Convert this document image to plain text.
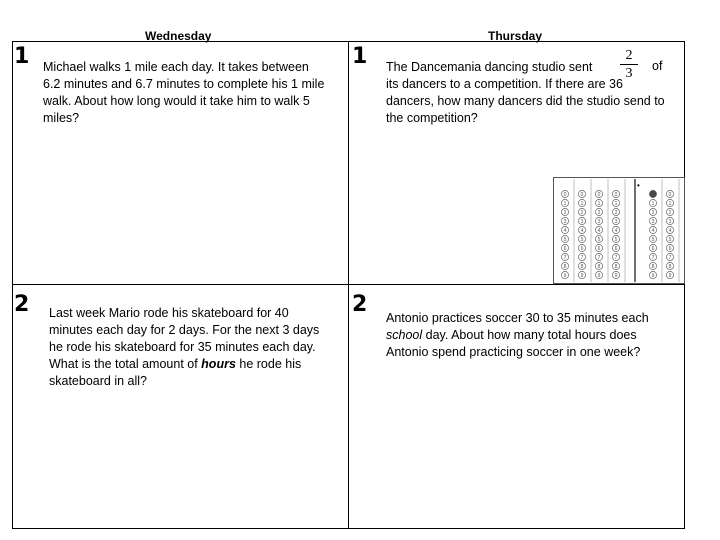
Wednesday	Thursday
1 Michael walks 1 mile each day. It takes between 6.2 minutes and 6.7 minutes to complete his 1 mile walk. About how long would it take him to walk 5 miles?
1 The Dancemania dancing studio sent
2
3	of
its dancers to a competition. If there are 36 dancers, how many dancers did the studio send to the competition?
0
1
2
3
4
5
6
7
8
9
0
1
2
3
4
5
6
7
8
9
0
1
2
3
4
5
6
7
8
9
0
1
2
3
4
5
6
7
8
9
0
1
2
3
4
5
6
7
8
9
0
1
2
3
4
5
6
7
8
9
•
2 Last week Mario rode his skateboard for 40 minutes each day for 2 days. For the next 3 days he rode his skateboard for 35 minutes each day. What is the total amount of hours he rode his skateboard in all?
2
Antonio practices soccer 30 to 35 minutes each school day. About how many total hours does Antonio spend practicing soccer in one week?
